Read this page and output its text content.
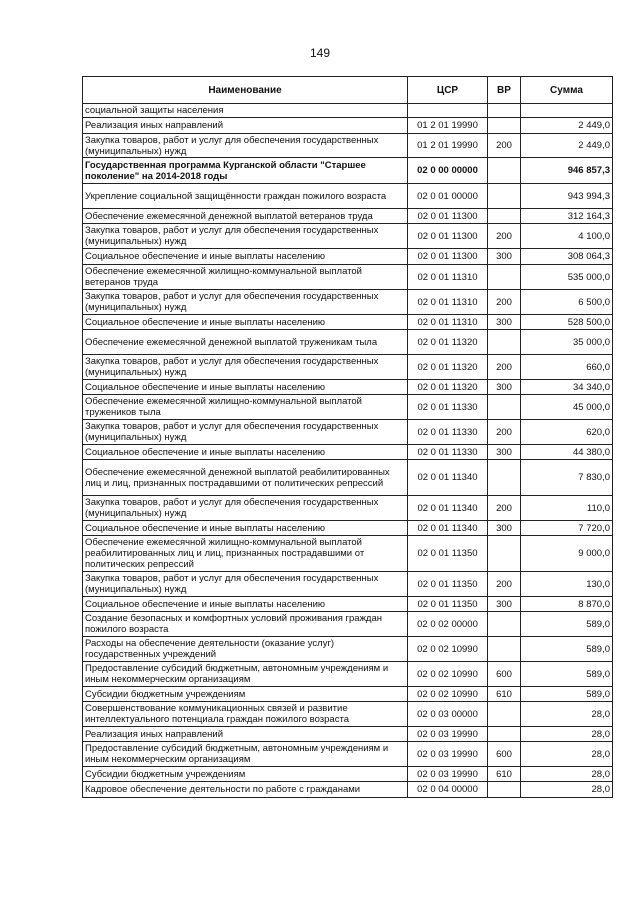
149
Наименование	ЦСР	ВР	Сумма
социальной защиты населения			
Реализация иных направлений	01 2 01 19990		2 449,0
Закупка товаров, работ и услуг для обеспечения государственных (муниципальных) нужд	01 2 01 19990	200	2 449,0
Государственная программа Курганской области "Старшее поколение" на 2014-2018 годы	02 0 00 00000		946 857,3
Укрепление социальной защищённости граждан пожилого возраста	02 0 01 00000		943 994,3
Обеспечение ежемесячной денежной выплатой ветеранов труда	02 0 01 11300		312 164,3
Закупка товаров, работ и услуг для обеспечения государственных (муниципальных) нужд	02 0 01 11300	200	4 100,0
Социальное обеспечение и иные выплаты населению	02 0 01 11300	300	308 064,3
Обеспечение ежемесячной жилищно-коммунальной выплатой ветеранов труда	02 0 01 11310		535 000,0
Закупка товаров, работ и услуг для обеспечения государственных (муниципальных) нужд	02 0 01 11310	200	6 500,0
Социальное обеспечение и иные выплаты населению	02 0 01 11310	300	528 500,0
Обеспечение ежемесячной денежной выплатой труженикам тыла	02 0 01 11320		35 000,0
Закупка товаров, работ и услуг для обеспечения государственных (муниципальных) нужд	02 0 01 11320	200	660,0
Социальное обеспечение и иные выплаты населению	02 0 01 11320	300	34 340,0
Обеспечение ежемесячной жилищно-коммунальной выплатой тружеников тыла	02 0 01 11330		45 000,0
Закупка товаров, работ и услуг для обеспечения государственных (муниципальных) нужд	02 0 01 11330	200	620,0
Социальное обеспечение и иные выплаты населению	02 0 01 11330	300	44 380,0
Обеспечение ежемесячной денежной выплатой реабилитированных лиц и лиц, признанных пострадавшими от политических репрессий	02 0 01 11340		7 830,0
Закупка товаров, работ и услуг для обеспечения государственных (муниципальных) нужд	02 0 01 11340	200	110,0
Социальное обеспечение и иные выплаты населению	02 0 01 11340	300	7 720,0
Обеспечение ежемесячной жилищно-коммунальной выплатой реабилитированных лиц и лиц, признанных пострадавшими от политических репрессий	02 0 01 11350		9 000,0
Закупка товаров, работ и услуг для обеспечения государственных (муниципальных) нужд	02 0 01 11350	200	130,0
Социальное обеспечение и иные выплаты населению	02 0 01 11350	300	8 870,0
Создание безопасных и комфортных условий проживания граждан пожилого возраста	02 0 02 00000		589,0
Расходы на обеспечение деятельности (оказание услуг) государственных учреждений	02 0 02 10990		589,0
Предоставление субсидий бюджетным, автономным учреждениям и иным некоммерческим организациям	02 0 02 10990	600	589,0
Субсидии бюджетным учреждениям	02 0 02 10990	610	589,0
Совершенствование коммуникационных связей и развитие интеллектуального потенциала граждан пожилого возраста	02 0 03 00000		28,0
Реализация иных направлений	02 0 03 19990		28,0
Предоставление субсидий бюджетным, автономным учреждениям и иным некоммерческим организациям	02 0 03 19990	600	28,0
Субсидии бюджетным учреждениям	02 0 03 19990	610	28,0
Кадровое обеспечение деятельности по работе с гражданами	02 0 04 00000		28,0
